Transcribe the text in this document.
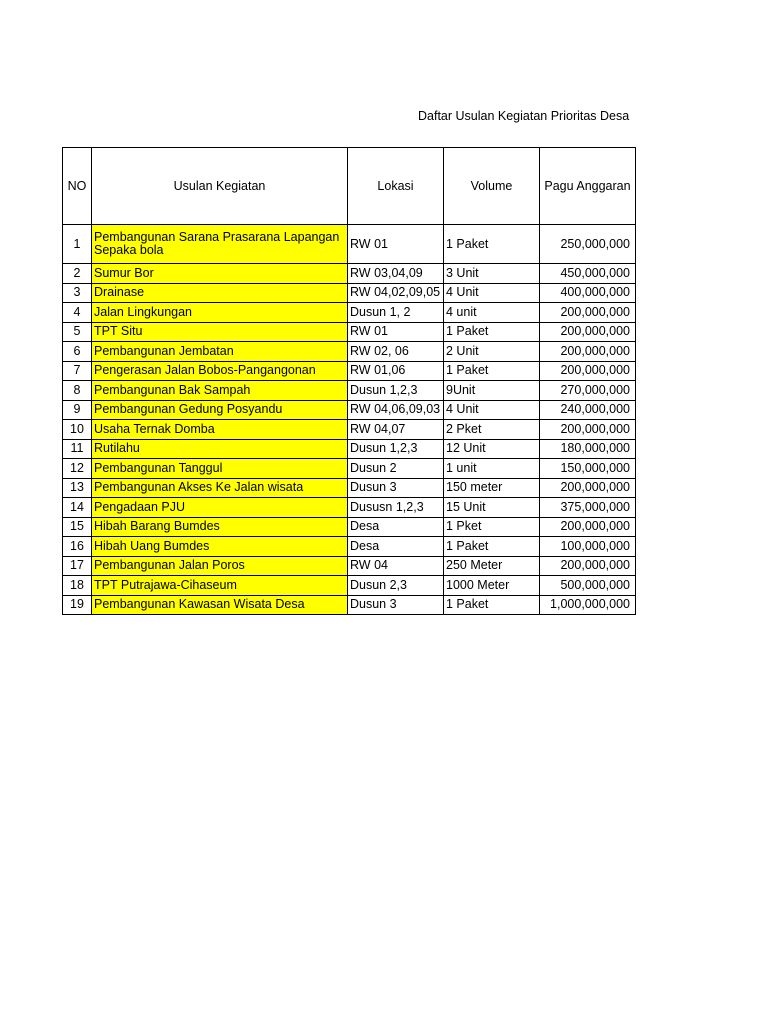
Daftar Usulan Kegiatan Prioritas Desa
NO	Usulan Kegiatan	Lokasi	Volume	Pagu Anggaran
1	Pembangunan Sarana Prasarana Lapangan Sepaka bola	RW 01	1 Paket	250,000,000
2	Sumur Bor	RW 03,04,09	3 Unit	450,000,000
3	Drainase	RW 04,02,09,05	4 Unit	400,000,000
4	Jalan Lingkungan	Dusun 1, 2	4 unit	200,000,000
5	TPT Situ	RW 01	1 Paket	200,000,000
6	Pembangunan Jembatan	RW 02, 06	2 Unit	200,000,000
7	Pengerasan Jalan Bobos-Pangangonan	RW 01,06	1 Paket	200,000,000
8	Pembangunan Bak Sampah	Dusun 1,2,3	9Unit	270,000,000
9	Pembangunan Gedung Posyandu	RW 04,06,09,03	4 Unit	240,000,000
10	Usaha Ternak Domba	RW 04,07	2 Pket	200,000,000
11	Rutilahu	Dusun 1,2,3	12 Unit	180,000,000
12	Pembangunan Tanggul	Dusun 2	1 unit	150,000,000
13	Pembangunan Akses Ke Jalan wisata	Dusun 3	150 meter	200,000,000
14	Pengadaan PJU	Dususn 1,2,3	15 Unit	375,000,000
15	Hibah Barang Bumdes	Desa	1 Pket	200,000,000
16	Hibah Uang Bumdes	Desa	1 Paket	100,000,000
17	Pembangunan Jalan Poros	RW 04	250 Meter	200,000,000
18	TPT Putrajawa-Cihaseum	Dusun 2,3	1000 Meter	500,000,000
19	Pembangunan Kawasan Wisata Desa	Dusun 3	1 Paket	1,000,000,000
